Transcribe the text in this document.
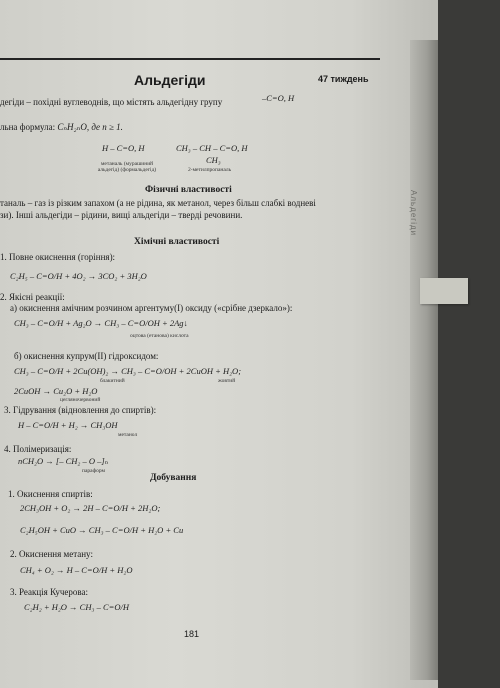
Альдегіди	47 тиждень
дегіди – похідні вуглеводнів, що містять альдегідну групу	–C=O, H
льна формула: CₙH₂ₙO, де n ≥ 1.
H – C=O, H
метаналь (мурашиний альдегід) (формальдегід)
CH₃ – CH – C=O, H
CH₃
2-метилпропаналь
Фізичні властивості
таналь – газ із різким запахом (а не рідина, як метанол, через більш слабкі водневі
зи). Інші альдегіди – рідини, вищі альдегіди – тверді речовини.
Хімічні властивості
1. Повне окиснення (горіння):
C₂H₅ – C=O/H + 4O₂ → 3CO₂ + 3H₂O
2. Якісні реакції:
а) окиснення амічним розчином аргентуму(І) оксиду («срібне дзеркало»):
CH₃ – C=O/H + Ag₂O → CH₃ – C=O/OH + 2Ag↓
оцтова (етанова) кислота
б) окиснення купрум(ІІ) гідроксидом:
CH₃ – C=O/H + 2Cu(OH)₂ → CH₃ – C=O/OH + 2CuOH + H₂O;
блакитний	жовтий
2CuOH → Cu₂O + H₂O
цегляночервоний
3. Гідрування (відновлення до спиртів):
H – C=O/H + H₂ → CH₃OH
метанол
4. Полімеризація:
nCH₂O → [– CH₂ – O –]ₙ
параформ
Добування
1. Окиснення спиртів:
2CH₃OH + O₂ → 2H – C=O/H + 2H₂O;
C₂H₅OH + CuO → CH₃ – C=O/H + H₂O + Cu
2. Окиснення метану:
CH₄ + O₂ → H – C=O/H + H₂O
3. Реакція Кучерова:
C₂H₂ + H₂O → CH₃ – C=O/H
181
Альдегіди
